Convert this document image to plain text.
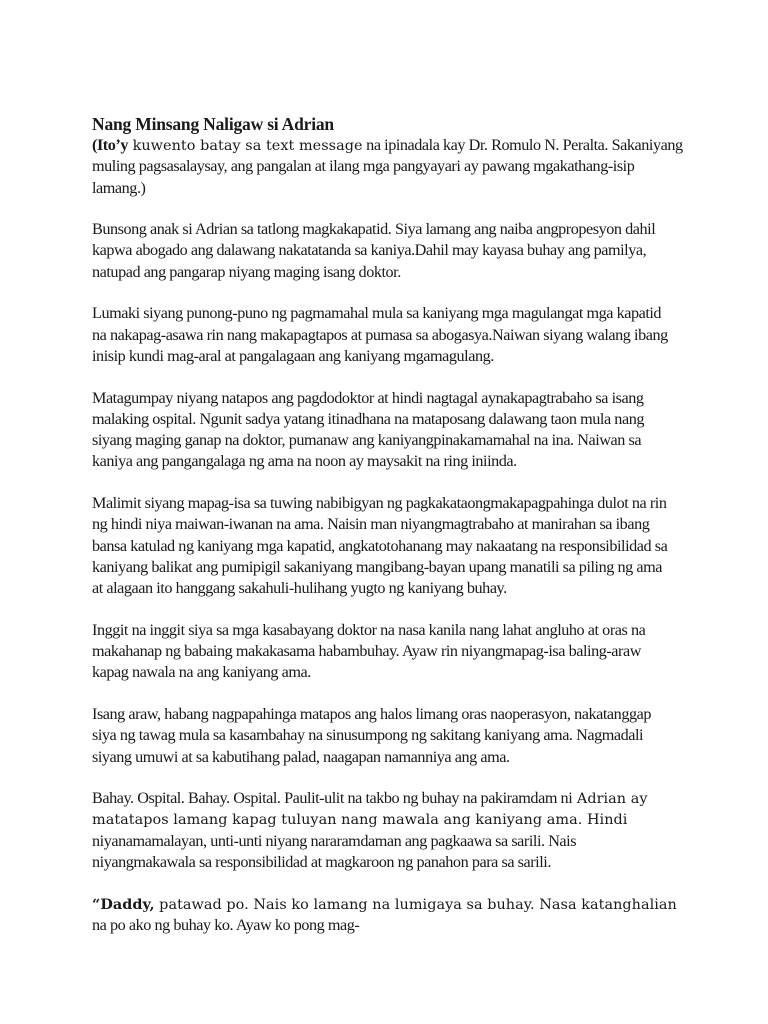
Nang Minsang Naligaw si Adrian
(Ito’y kuwento batay sa text message na ipinadala kay Dr. Romulo N. Peralta. Sakaniyang
muling pagsasalaysay, ang pangalan at ilang mga pangyayari ay pawang mgakathang-isip
lamang.)
Bunsong anak si Adrian sa tatlong magkakapatid. Siya lamang ang naiba angpropesyon dahil
kapwa abogado ang dalawang nakatatanda sa kaniya.Dahil may kayasa buhay ang pamilya,
natupad ang pangarap niyang maging isang doktor.
Lumaki siyang punong-puno ng pagmamahal mula sa kaniyang mga magulangat mga kapatid
na nakapag-asawa rin nang makapagtapos at pumasa sa abogasya.Naiwan siyang walang ibang
inisip kundi mag-aral at pangalagaan ang kaniyang mgamagulang.
Matagumpay niyang natapos ang pagdodoktor at hindi nagtagal aynakapagtrabaho sa isang
malaking ospital. Ngunit sadya yatang itinadhana na mataposang dalawang taon mula nang
siyang maging ganap na doktor, pumanaw ang kaniyangpinakamamahal na ina. Naiwan sa
kaniya ang pangangalaga ng ama na noon ay maysakit na ring iniinda.
Malimit siyang mapag-isa sa tuwing nabibigyan ng pagkakataongmakapagpahinga dulot na rin
ng hindi niya maiwan-iwanan na ama. Naisin man niyangmagtrabaho at manirahan sa ibang
bansa katulad ng kaniyang mga kapatid, angkatotohanang may nakaatang na responsibilidad sa
kaniyang balikat ang pumipigil sakaniyang mangibang-bayan upang manatili sa piling ng ama
at alagaan ito hanggang sakahuli-hulihang yugto ng kaniyang buhay.
Inggit na inggit siya sa mga kasabayang doktor na nasa kanila nang lahat angluho at oras na
makahanap ng babaing makakasama habambuhay. Ayaw rin niyangmapag-isa baling-araw
kapag nawala na ang kaniyang ama.
Isang araw, habang nagpapahinga matapos ang halos limang oras naoperasyon, nakatanggap
siya ng tawag mula sa kasambahay na sinusumpong ng sakitang kaniyang ama. Nagmadali
siyang umuwi at sa kabutihang palad, naagapan namanniya ang ama.
Bahay. Ospital. Bahay. Ospital. Paulit-ulit na takbo ng buhay na pakiramdam ni Adrian ay
matatapos lamang kapag tuluyan nang mawala ang kaniyang ama. Hindi
niyanamamalayan, unti-unti niyang nararamdaman ang pagkaawa sa sarili. Nais
niyangmakawala sa responsibilidad at magkaroon ng panahon para sa sarili.
“Daddy, patawad po. Nais ko lamang na lumigaya sa buhay. Nasa katanghalian
na po ako ng buhay ko. Ayaw ko pong mag-
